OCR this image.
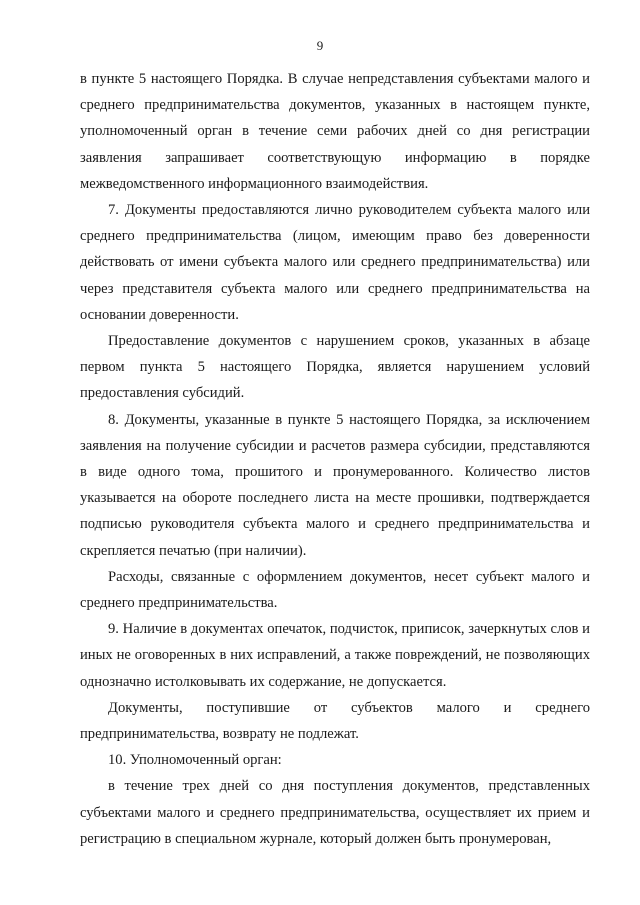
9

в пункте 5 настоящего Порядка. В случае непредставления субъектами малого и среднего предпринимательства документов, указанных в настоящем пункте, уполномоченный орган в течение семи рабочих дней со дня регистрации заявления запрашивает соответствующую информацию в порядке межведомственного информационного взаимодействия.

7. Документы предоставляются лично руководителем субъекта малого или среднего предпринимательства (лицом, имеющим право без доверенности действовать от имени субъекта малого или среднего предпринимательства) или через представителя субъекта малого или среднего предпринимательства на основании доверенности.

Предоставление документов с нарушением сроков, указанных в абзаце первом пункта 5 настоящего Порядка, является нарушением условий предоставления субсидий.

8. Документы, указанные в пункте 5 настоящего Порядка, за исключением заявления на получение субсидии и расчетов размера субсидии, представляются в виде одного тома, прошитого и пронумерованного. Количество листов указывается на обороте последнего листа на месте прошивки, подтверждается подписью руководителя субъекта малого и среднего предпринимательства и скрепляется печатью (при наличии).

Расходы, связанные с оформлением документов, несет субъект малого и среднего предпринимательства.

9. Наличие в документах опечаток, подчисток, приписок, зачеркнутых слов и иных не оговоренных в них исправлений, а также повреждений, не позволяющих однозначно истолковывать их содержание, не допускается.

Документы, поступившие от субъектов малого и среднего предпринимательства, возврату не подлежат.

10. Уполномоченный орган:

в течение трех дней со дня поступления документов, представленных субъектами малого и среднего предпринимательства, осуществляет их прием и регистрацию в специальном журнале, который должен быть пронумерован,
